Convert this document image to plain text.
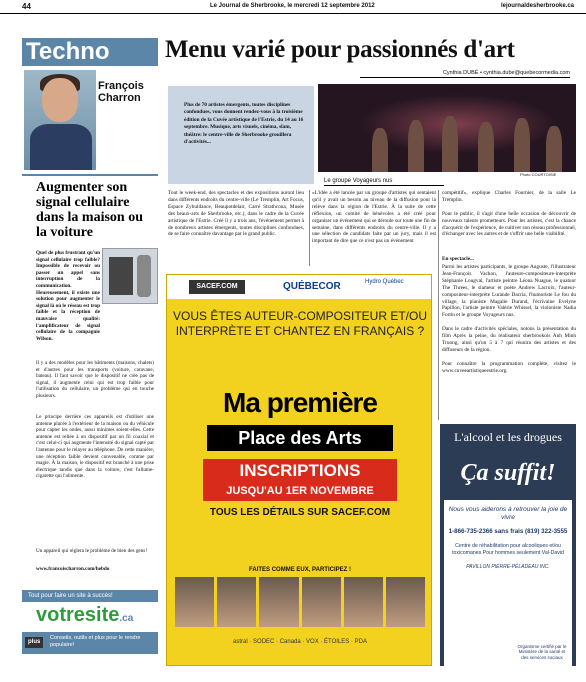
44	Le Journal de Sherbrooke, le mercredi 12 septembre 2012	lejournaldesherbrooke.ca
Techno
François
Charron
Augmenter son signal cellulaire dans la maison ou la voiture
Quel de plus frustrant qu'un signal cellulaire trop faible? Impossible de recevoir ou passer un appel sans interruption de la communication. Heureusement, il existe une solution pour augmenter le signal là où le réseau est trop faible et la réception de mauvaise qualité: l'amplificateur de signal cellulaire de la compagnie Wilson.
Il y a des modèles pour les bâtiments (maisons, chalets) et d'autres pour les transports (voiture, caravane, bateau). Il faut savoir que le dispositif ne crée pas de signal, il augmente celui qui est trop faible pour l'utilisation du cellulaire, un problème qui en touche plusieurs.
Le principe derrière ces appareils est d'utiliser une antenne placée à l'extérieur de la maison ou du véhicule pour capter les ondes, aussi minimes soient-elles. Cette antenne est reliée à un dispositif par un fil coaxial et c'est celui-ci qui augmente l'intensité du signal capté par l'antenne pour le relayer au téléphone. De cette manière, une réception faible devient convenable, comme par magie. À la maison, le dispositif est branché à une prise électrique tandis que dans la voiture, c'est l'allume-cigarette qui l'alimente.
Un appareil qui réglera le problème de bien des gens!
www.francoischarron.com/hebdo
Tout pour faire un site à succès!
votresite.ca
plus
Conseils, outils et plus pour le rendre populaire!
Menu varié pour passionnés d'art
Cynthia DUBÉ • cynthia.dube@quebecormedia.com
Plus de 70 artistes émergents, toutes disciplines confondues, vous donnent rendez-vous à la troisième édition de la Cuvée artistique de l'Estrie, du 14 au 16 septembre. Musique, arts visuels, cinéma, slam, théâtre: le centre-ville de Sherbrooke grouillera d'activités...
Photo COURTOISIE
Le groupe Voyageurs nus
Tout le week-end, des spectacles et des expositions auront lieu dans différents endroits du centre-ville (Le Tremplin, Art Focus, Espace Zybuldance, Beaupotdelair, Carré Strathcona, Musée des beaux-arts de Sherbrooke, etc.), dans le cadre de la Cuvée artistique de l'Estrie. Créé il y a trois ans, l'événement permet à de nombreux artistes émergents, toutes disciplines confondues, de se faire connaître davantage par le grand public.
«L'idée a été lancée par un groupe d'artistes qui sentaient qu'il y avait un besoin au niveau de la diffusion pour la relève dans la région de l'Estrie. À la suite de cette réflexion, un comité de bénévoles a été créé pour organiser un événement qui se déroule sur toute une fin de semaine, dans différents endroits du centre-ville. Il y a une sélection de candidats faite par un jury, mais il est important de dire que ce n'est pas un événement
compétitif», explique Charles Fournier, de la salle Le Tremplin.

Pour le public, il s'agit d'une belle occasion de découvrir de nouveaux talents prometteurs. Pour les artistes, c'est la chance d'acquérir de l'expérience, de cultiver son réseau professionnel, d'échanger avec les autres et de s'offrir une belle visibilité.
En spectacle...
Parmi les artistes participants, le groupe Auguste, l'illustrateur Jean-François Vachon, l'auteure-compositeure-interprète Stéphanie Lougval, l'artiste peintre Léona Nuague, le quatuor The Threes, le slameur et poète Andrew Lacroix, l'auteur-compositeur-interprète Lurande Dacria, l'humoriste Le fou du village, la pianiste Magalie Durand, l'écrivaine Evelyne Papillon, l'artiste peintre Valérie Whissel, la violoniste Nadia Fortin et le groupe Voyageurs nus.

Dans le cadre d'activités spéciales, notons la présentation du film Après la peine, du réalisateur sherbrookois Anh Minh Truong, ainsi qu'un 5 à 7 qui réunira des artistes et des diffuseurs de la région.

Pour connaître la programmation complète, visitez le www.cuveeartistiqueestrie.org.
SACEF.COM	QUÉBECOR	Hydro Québec
VOUS ÊTES AUTEUR-COMPOSITEUR ET/OU INTERPRÈTE ET CHANTEZ EN FRANÇAIS ?
Ma première
Place des Arts
INSCRIPTIONS
JUSQU'AU 1ER NOVEMBRE
TOUS LES DÉTAILS SUR SACEF.COM
FAITES COMME EUX, PARTICIPEZ !
astral · SODEC · Canada · VOX · ÉTOILES · PDA
L'alcool et les drogues
Ça suffit!
Nous vous aiderons à retrouver la joie de vivre
1-866-735-2366 sans frais (819) 322-3555
Centre de réhabilitation pour alcooliques et/ou toxicomanes Pour hommes seulement Val-David
PAVILLON PIERRE-PÉLADEAU INC.
Organisme certifié par le Ministère de la santé et des services sociaux
